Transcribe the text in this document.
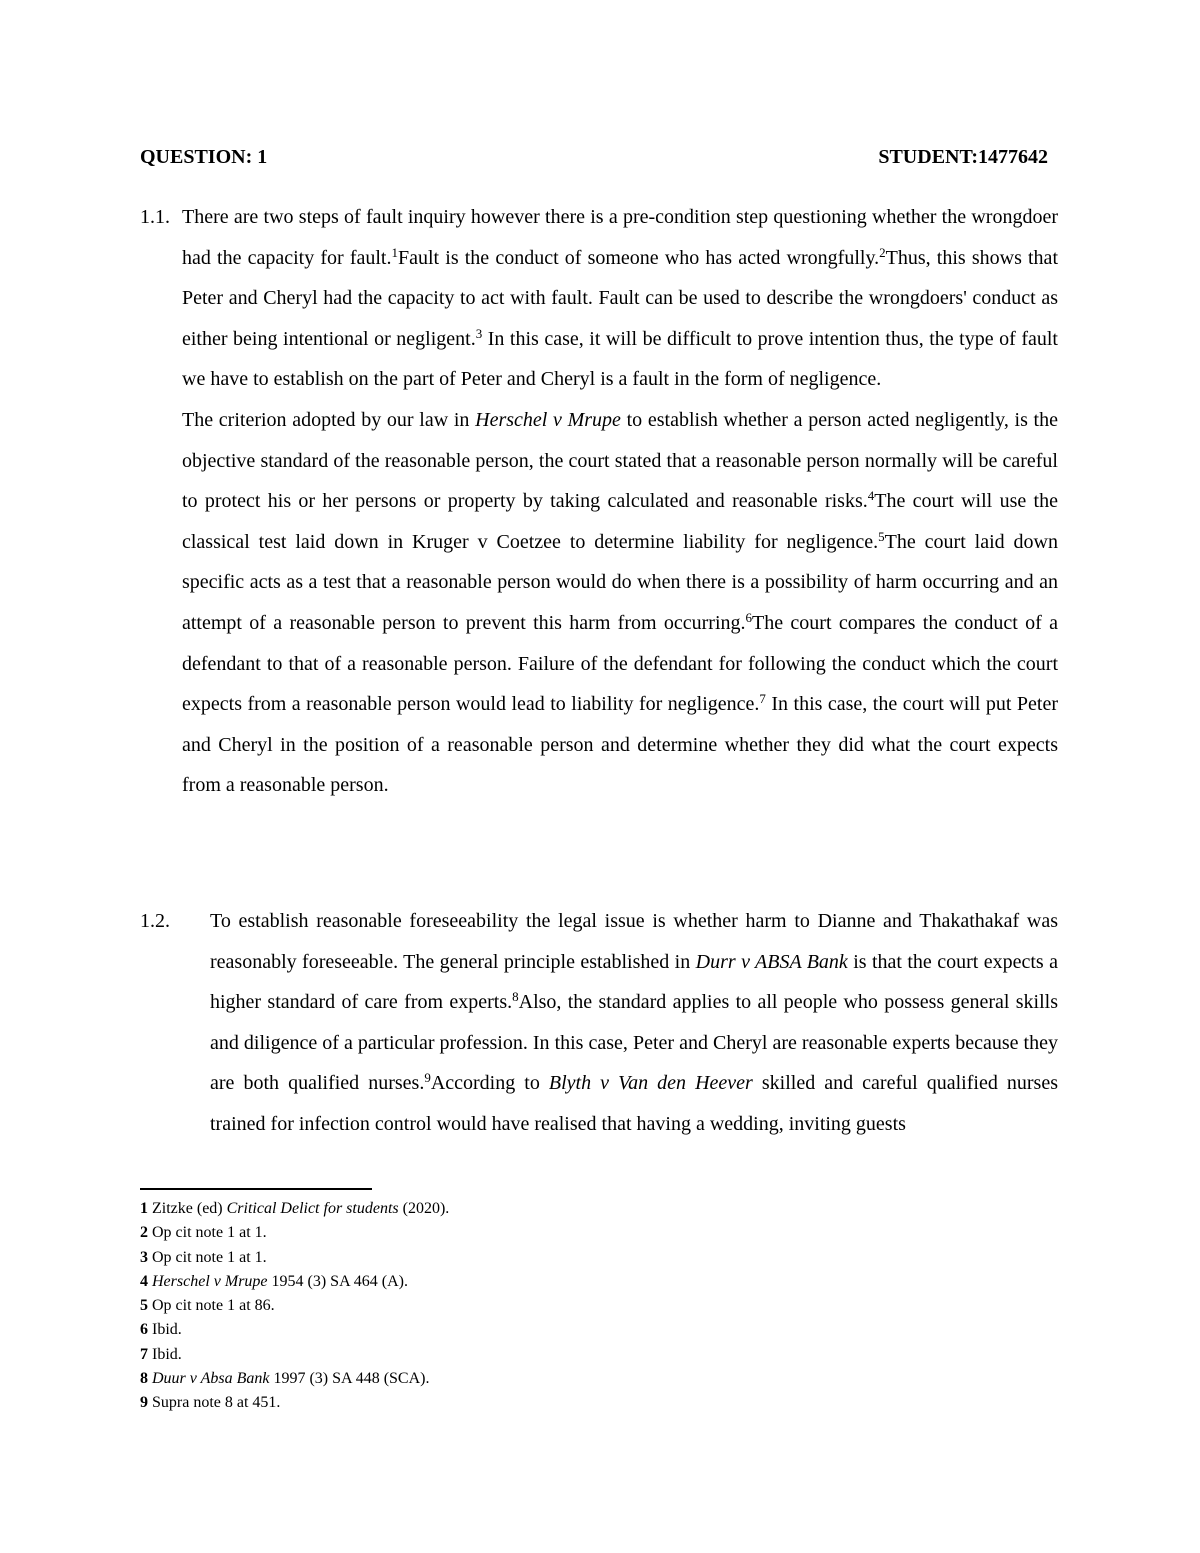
QUESTION: 1	STUDENT:1477642
1.1. There are two steps of fault inquiry however there is a pre-condition step questioning whether the wrongdoer had the capacity for fault.$^1$Fault is the conduct of someone who has acted wrongfully.$^2$Thus, this shows that Peter and Cheryl had the capacity to act with fault. Fault can be used to describe the wrongdoers' conduct as either being intentional or negligent.$^3$ In this case, it will be difficult to prove intention thus, the type of fault we have to establish on the part of Peter and Cheryl is a fault in the form of negligence.

The criterion adopted by our law in Herschel v Mrupe to establish whether a person acted negligently, is the objective standard of the reasonable person, the court stated that a reasonable person normally will be careful to protect his or her persons or property by taking calculated and reasonable risks.$^4$The court will use the classical test laid down in Kruger v Coetzee to determine liability for negligence.$^5$The court laid down specific acts as a test that a reasonable person would do when there is a possibility of harm occurring and an attempt of a reasonable person to prevent this harm from occurring.$^6$The court compares the conduct of a defendant to that of a reasonable person. Failure of the defendant for following the conduct which the court expects from a reasonable person would lead to liability for negligence.$^7$ In this case, the court will put Peter and Cheryl in the position of a reasonable person and determine whether they did what the court expects from a reasonable person.

1.2.	To establish reasonable foreseeability the legal issue is whether harm to Dianne and Thakathakaf was reasonably foreseeable. The general principle established in Durr v ABSA Bank is that the court expects a higher standard of care from experts.$^8$Also, the standard applies to all people who possess general skills and diligence of a particular profession. In this case, Peter and Cheryl are reasonable experts because they are both qualified nurses.$^9$According to Blyth v Van den Heever skilled and careful qualified nurses trained for infection control would have realised that having a wedding, inviting guests

1 Zitzke (ed) Critical Delict for students (2020).
2 Op cit note 1 at 1.
3 Op cit note 1 at 1.
4 Herschel v Mrupe 1954 (3) SA 464 (A).
5 Op cit note 1 at 86.
6 Ibid.
7 Ibid.
8 Duur v Absa Bank 1997 (3) SA 448 (SCA).
9 Supra note 8 at 451.
